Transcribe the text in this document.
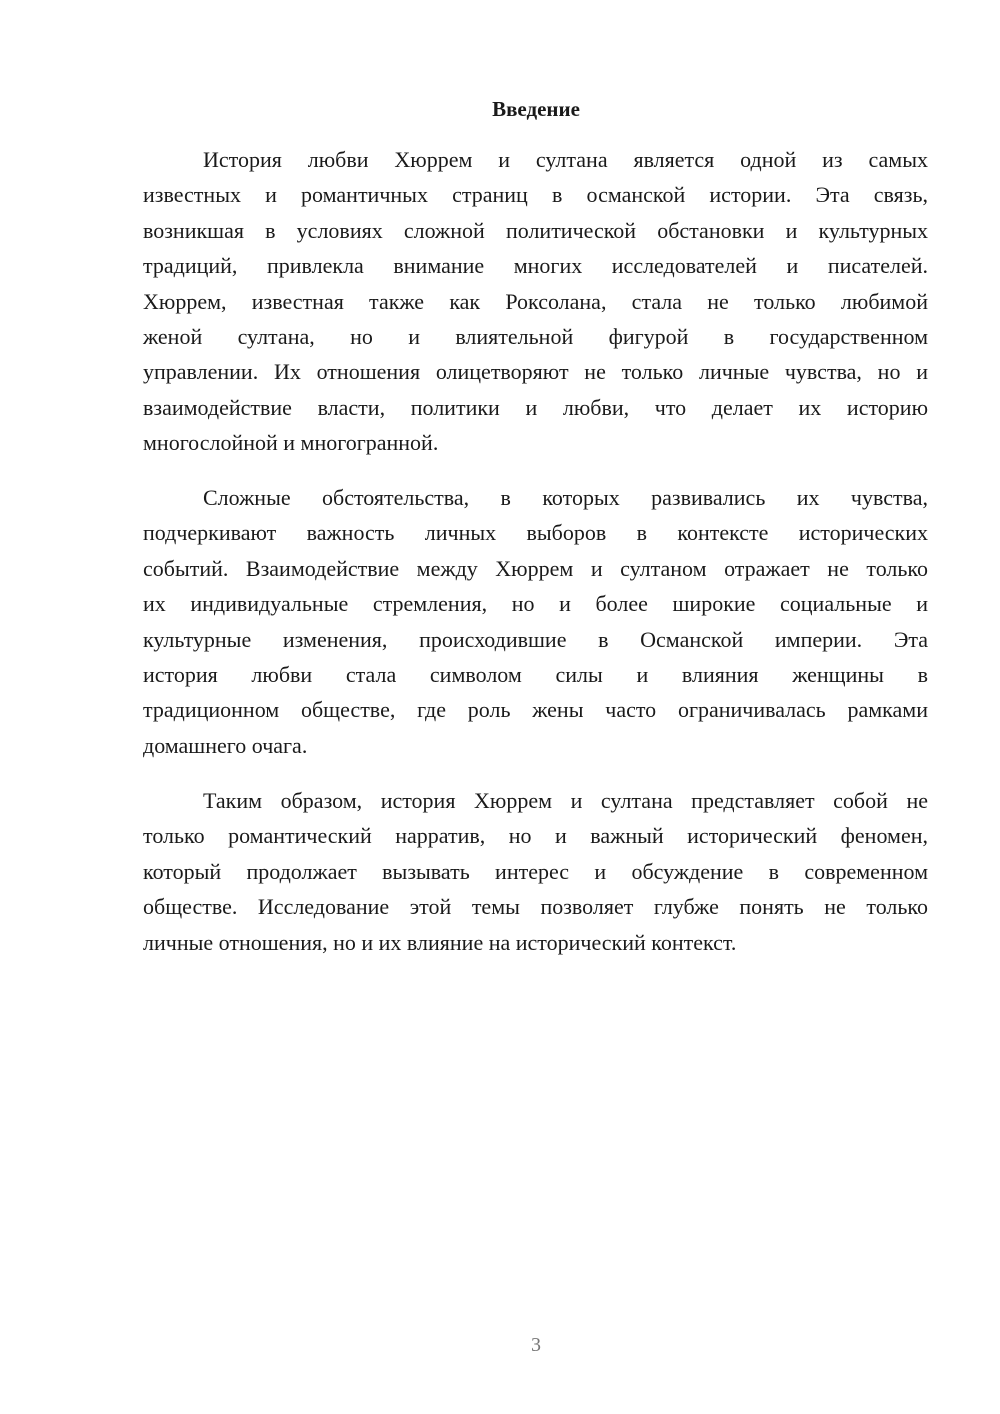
Введение
История любви Хюррем и султана является одной из самых
известных и романтичных страниц в османской истории. Эта связь,
возникшая в условиях сложной политической обстановки и культурных
традиций, привлекла внимание многих исследователей и писателей.
Хюррем, известная также как Роксолана, стала не только любимой
женой султана, но и влиятельной фигурой в государственном
управлении. Их отношения олицетворяют не только личные чувства, но и
взаимодействие власти, политики и любви, что делает их историю
многослойной и многогранной.
Сложные обстоятельства, в которых развивались их чувства,
подчеркивают важность личных выборов в контексте исторических
событий. Взаимодействие между Хюррем и султаном отражает не только
их индивидуальные стремления, но и более широкие социальные и
культурные изменения, происходившие в Османской империи. Эта
история любви стала символом силы и влияния женщины в
традиционном обществе, где роль жены часто ограничивалась рамками
домашнего очага.
Таким образом, история Хюррем и султана представляет собой не
только романтический нарратив, но и важный исторический феномен,
который продолжает вызывать интерес и обсуждение в современном
обществе. Исследование этой темы позволяет глубже понять не только
личные отношения, но и их влияние на исторический контекст.
3
